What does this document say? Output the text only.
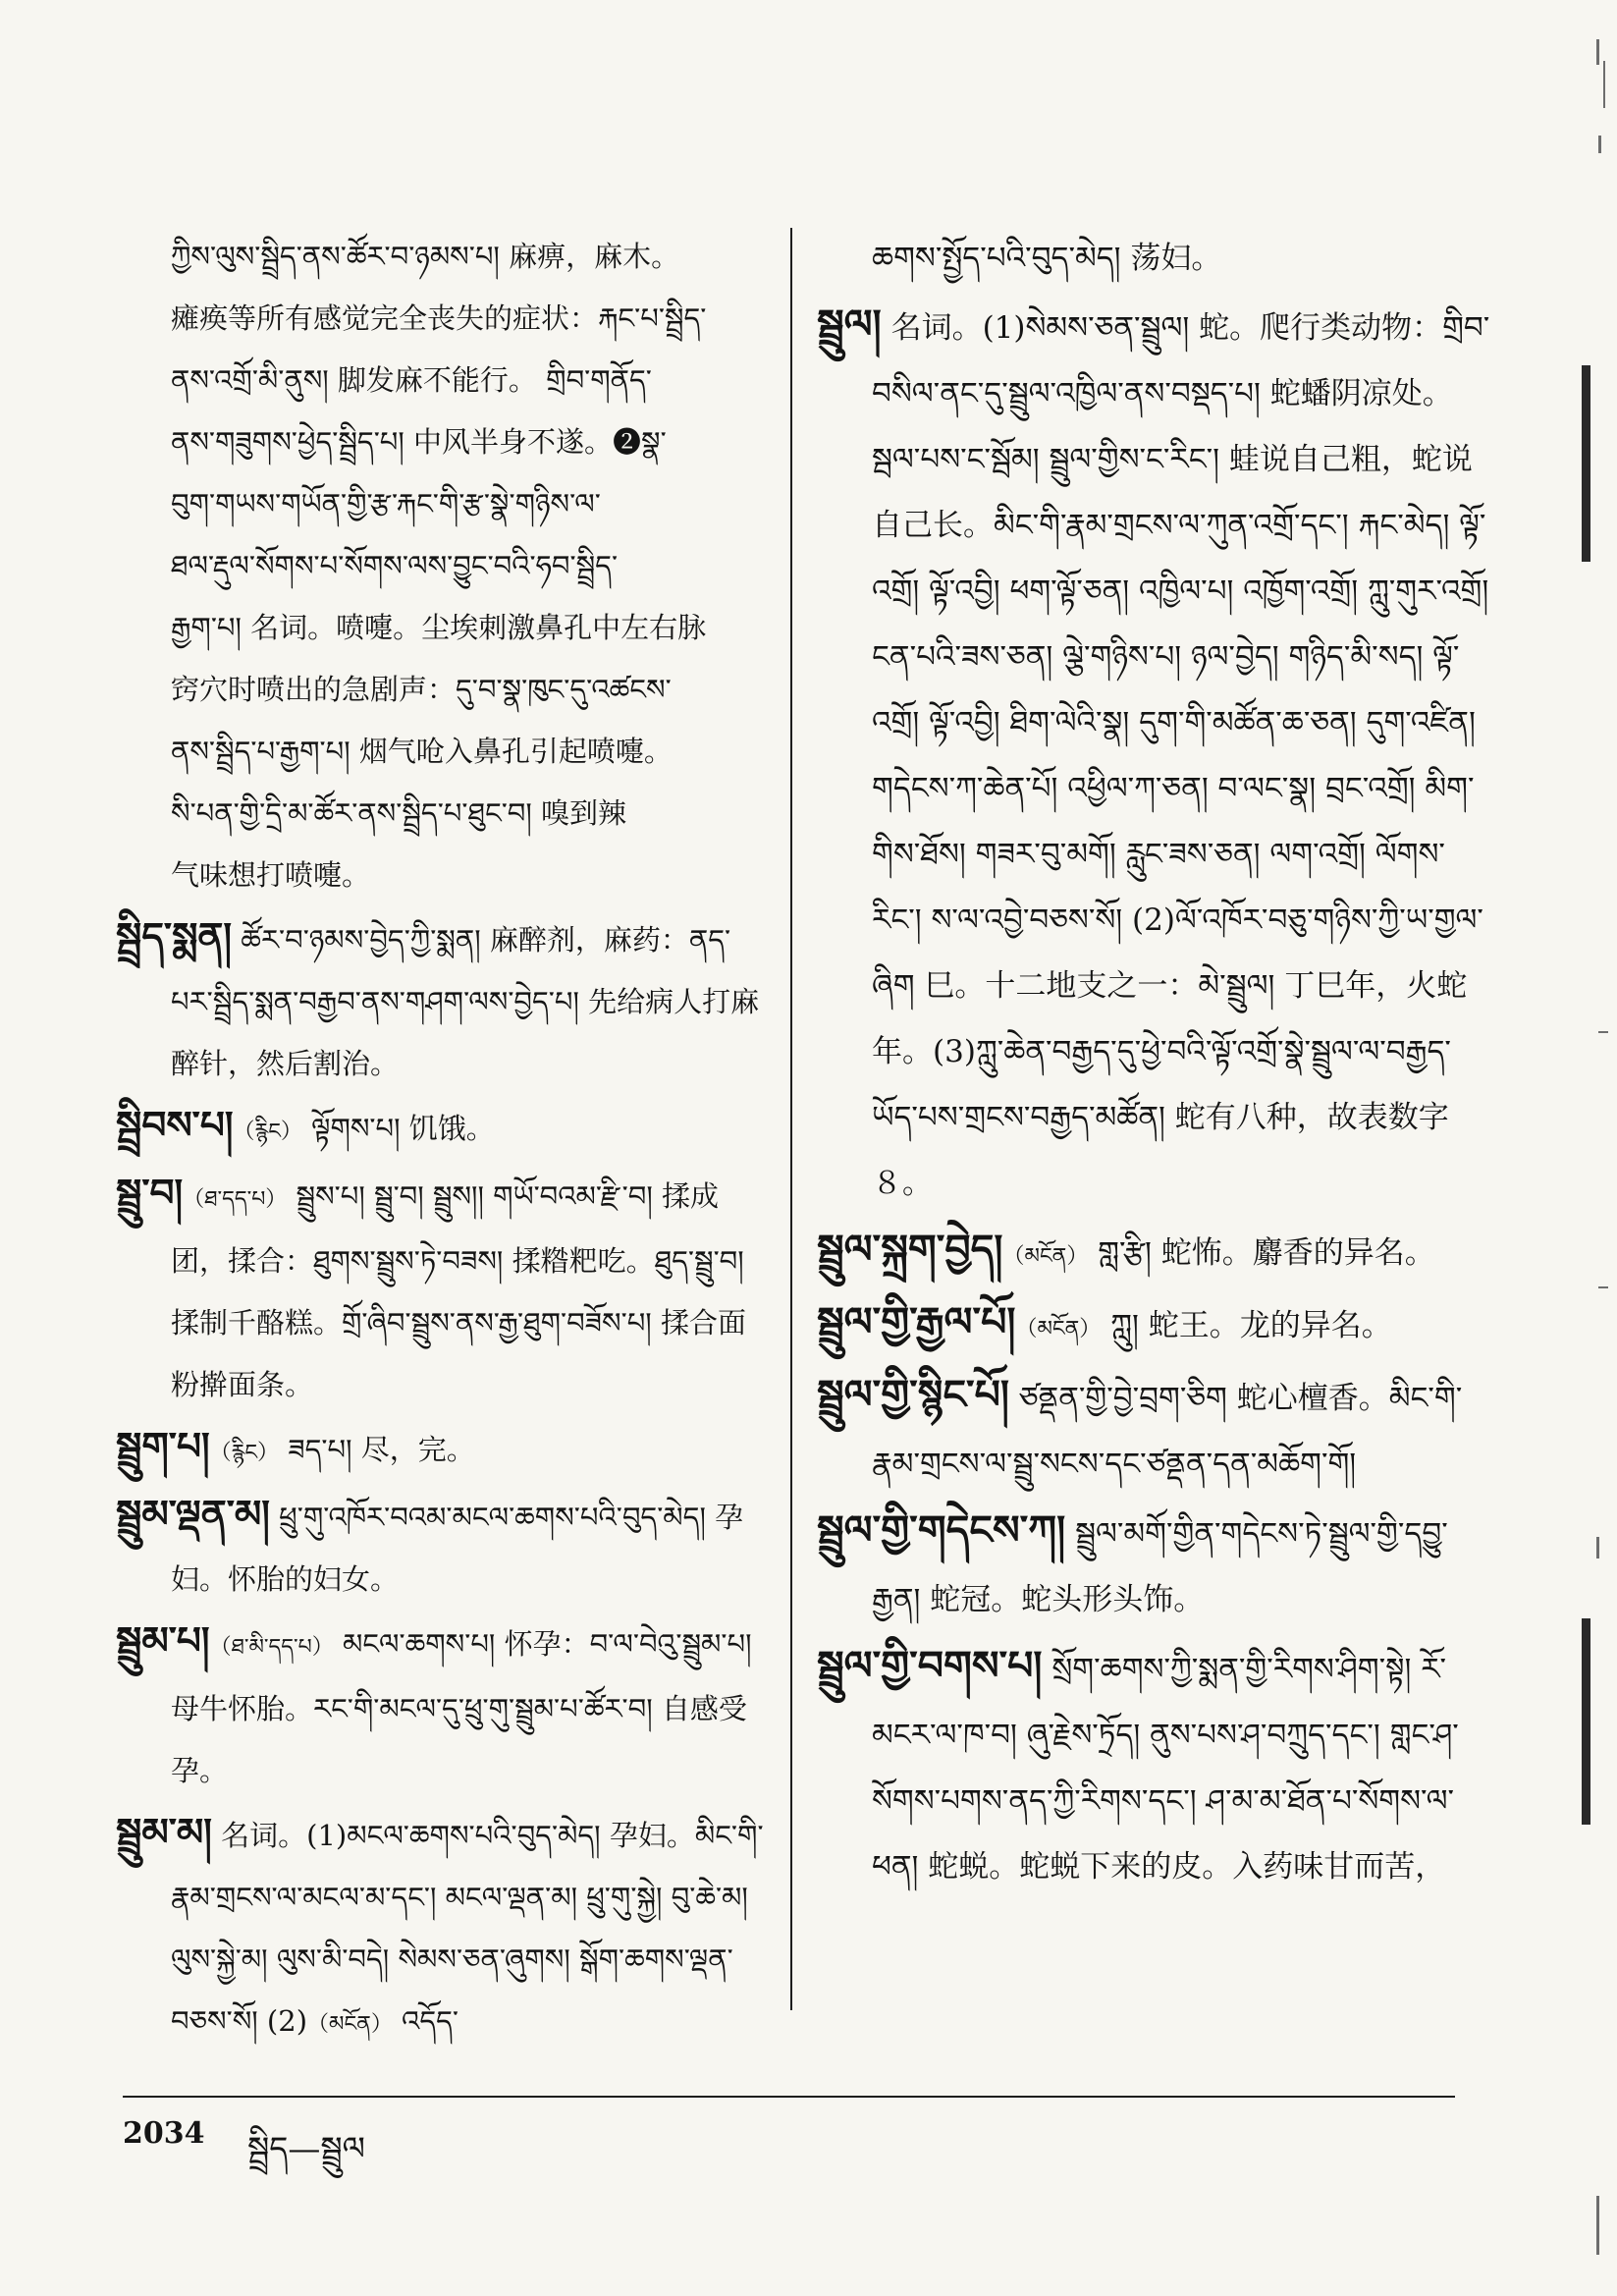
ཀྱིས་ལུས་སྦྲིད་ནས་ཚོར་བ་ཉམས་པ། 麻痹，麻木。

瘫痪等所有感觉完全丧失的症状：རྐང་པ་སྦྲིད་

ནས་འགྲོ་མི་ནུས། 脚发麻不能行。 གྲིབ་གནོད་

ནས་གཟུགས་ཕྱེད་སྦྲིད་པ། 中风半身不遂。❷སྣ་

བུག་གཡས་གཡོན་གྱི་རྩ་རྐང་གི་རྩ་སྣེ་གཉིས་ལ་

ཐལ་རྡུལ་སོགས་པ་སོགས་ལས་བྱུང་བའི་ཧབ་སྦྲིད་

རྒྱག་པ། 名词。喷嚏。尘埃刺激鼻孔中左右脉

窍穴时喷出的急剧声：དུ་བ་སྣ་ཁུང་དུ་འཚངས་

ནས་སྦྲིད་པ་རྒྱག་པ། 烟气呛入鼻孔引起喷嚏。

སི་པན་གྱི་དྲི་མ་ཚོར་ནས་སྦྲིད་པ་ཐུང་བ། 嗅到辣

气味想打喷嚏。

སྦྲིད་སྨན། ཚོར་བ་ཉམས་བྱེད་ཀྱི་སྨན། 麻醉剂，麻药：ནད་པར་སྦྲིད་སྨན་བརྒྱབ་ནས་གཤག་ལས་བྱེད་པ། 先给病人打麻醉针，然后割治。

སྦྲིབས་པ།（རྙིང） ལྟོགས་པ། 饥饿。

སྦྲུ་བ།（ཐ་དད་པ） སྦྲུས་པ། སྦྲུ་བ། སྦྲུས།། གཡོ་བའམ་རྫི་བ། 揉成团，揉合：ཐུགས་སྦྲུས་ཏེ་བཟས། 揉糌粑吃。ཐུད་སྦྲུ་བ། 揉制千酪糕。གྲོ་ཞིབ་སྦྲུས་ནས་རྒྱ་ཐུག་བཟོས་པ། 揉合面粉擀面条。

སྦྲུག་པ།（རྙིང） ཟད་པ། 尽，完。

སྦྲུམ་ལྡན་མ། ཕྲུ་གུ་འཁོར་བའམ་མངལ་ཆགས་པའི་བུད་མེད། 孕妇。怀胎的妇女。

སྦྲུམ་པ།（ཐ་མི་དད་པ） མངལ་ཆགས་པ། 怀孕：བ་ལ་བེའུ་སྦྲུམ་པ། 母牛怀胎。རང་གི་མངལ་དུ་ཕྲུ་གུ་སྦྲུམ་པ་ཚོར་བ། 自感受孕。

སྦྲུམ་མ། 名词。(1)མངལ་ཆགས་པའི་བུད་མེད། 孕妇。མིང་གི་རྣམ་གྲངས་ལ་མངལ་མ་དང་། མངལ་ལྡན་མ། ཕྲུ་གུ་སྐྱེ། བུ་ཆེ་མ། ལུས་སྐྱེ་མ། ལུས་མི་བདེ། སེམས་ཅན་ཞུགས། སྒོག་ཆགས་ལྡན་བཅས་སོ། (2)（མངོན） འདོད་

ཆགས་སྤྱོད་པའི་བུད་མེད། 荡妇。

སྦྲུལ། 名词。(1)སེམས་ཅན་སྦྲུལ། 蛇。爬行类动物：གྲིབ་བསིལ་ནང་དུ་སྦྲུལ་འཁྱིལ་ནས་བསྡད་པ། 蛇蟠阴凉处。སྦལ་པས་ང་སྦོམ། སྦྲུལ་གྱིས་ང་རིང་། 蛙说自己粗，蛇说自己长。མིང་གི་རྣམ་གྲངས་ལ་ཀུན་འགྲོ་དང་། རྐང་མེད། ལྟོ་འགྲོ། ལྟོ་འབྱི། ཕག་ལྟོ་ཅན། འཁྱིལ་པ། འཁྱོག་འགྲོ། ཀླུ་གུར་འགྲོ། ངན་པའི་ཟས་ཅན། ལྕེ་གཉིས་པ། ཉལ་བྱེད། གཉིད་མི་སད། ལྟོ་འགྲོ། ལྟོ་འབྱི། ཐིག་ལེའི་སྣ། དུག་གི་མཚོན་ཆ་ཅན། དུག་འཛིན། གདེངས་ཀ་ཆེན་པོ། འཕྱིལ་ཀ་ཅན། བ་ལང་སྣ། བྲང་འགྲོ། མིག་གིས་ཐོས། གཟར་བུ་མགོ། རླུང་ཟས་ཅན། ལག་འགྲོ། ལོགས་རིང་། ས་ལ་འབྱེ་བཅས་སོ། (2)ལོ་འཁོར་བཅུ་གཉིས་ཀྱི་ཡ་གྱལ་ཞིག 巳。十二地支之一：མེ་སྦྲུལ། 丁巳年，火蛇年。(3)ཀླུ་ཆེན་བརྒྱད་དུ་ཕྱེ་བའི་ལྟོ་འགྲོ་སྣེ་སྦྲུལ་ལ་བརྒྱད་ཡོད་པས་གྲངས་བརྒྱད་མཚོན། 蛇有八种，故表数字８。

སྦྲུལ་སྐྲག་བྱེད།（མངོན） གླ་རྩི། 蛇怖。麝香的异名。

སྦྲུལ་གྱི་རྒྱལ་པོ།（མངོན） ཀླུ། 蛇王。龙的异名。

སྦྲུལ་གྱི་སྙིང་པོ། ཙནྡན་གྱི་བྱེ་བྲག་ཅིག 蛇心檀香。མིང་གི་རྣམ་གྲངས་ལ་སྦྲུ་སངས་དང་ཙནྡན་དན་མཆོག་གོ།

སྦྲུལ་གྱི་གདེངས་ཀ། སྦྲུལ་མགོ་གྱིན་གདེངས་ཏེ་སྦྲུལ་གྱི་དབྱུ་རྒྱན། 蛇冠。蛇头形头饰。

སྦྲུལ་གྱི་བགས་པ། སྲོག་ཆགས་ཀྱི་སྨན་གྱི་རིགས་ཤིག་སྟེ། རོ་མངར་ལ་ཁ་བ། ཞུ་རྗེས་ཏྲོད། ནུས་པས་ཤ་བཀྲུད་དང་། གླང་ཤ་སོགས་པགས་ནད་ཀྱི་རིགས་དང་། ཤ་མ་མ་ཐོན་པ་སོགས་ལ་ཕན། 蛇蜕。蛇蜕下来的皮。入药味甘而苦，

2034 སྦྲིད—སྦྲུལ
